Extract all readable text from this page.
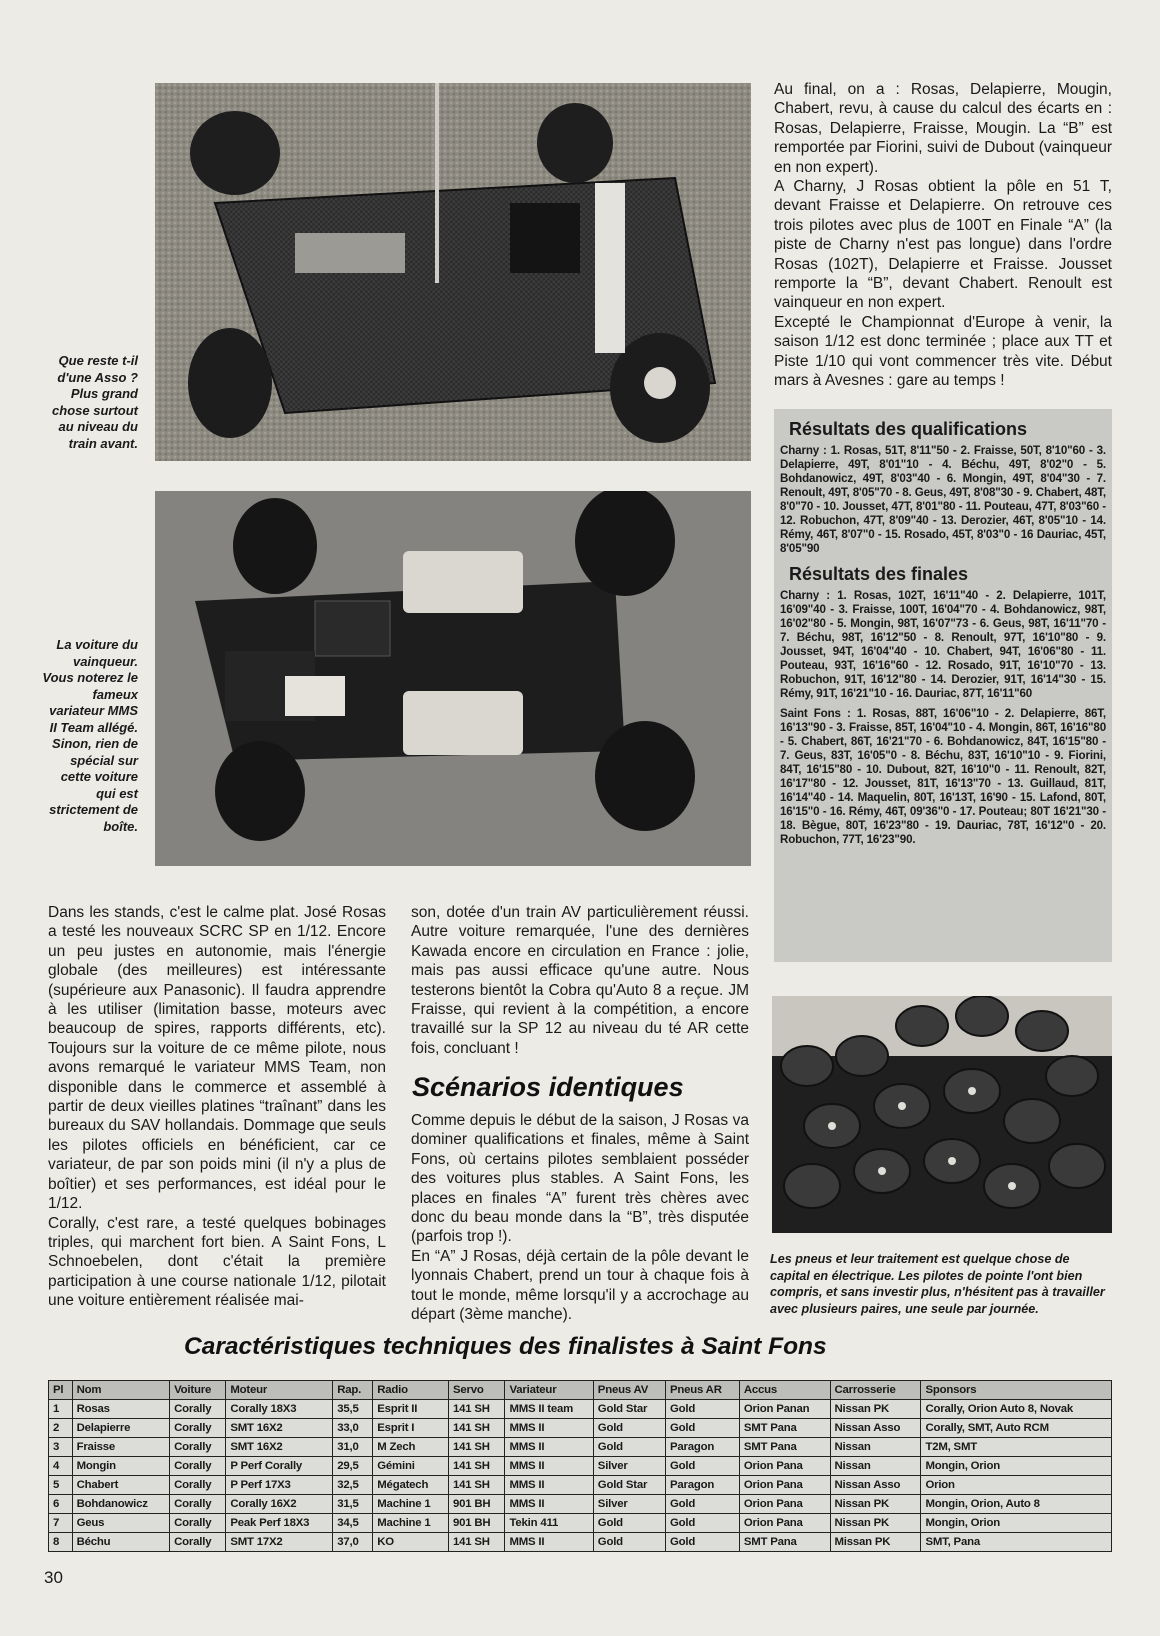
Que reste t-il d'une Asso ? Plus grand chose surtout au niveau du train avant.
La voiture du vainqueur. Vous noterez le fameux variateur MMS II Team allégé. Sinon, rien de spécial sur cette voiture qui est strictement de boîte.

Au final, on a : Rosas, Delapierre, Mougin, Chabert, revu, à cause du calcul des écarts en : Rosas, Delapierre, Fraisse, Mougin. La “B” est remportée par Fiorini, suivi de Dubout (vainqueur en non expert).

A Charny, J Rosas obtient la pôle en 51 T, devant Fraisse et Delapierre. On retrouve ces trois pilotes avec plus de 100T en Finale “A” (la piste de Charny n'est pas longue) dans l'ordre Rosas (102T), Delapierre et Fraisse. Jousset remporte la “B”, devant Chabert. Renoult est vainqueur en non expert.

Excepté le Championnat d'Europe à venir, la saison 1/12 est donc terminée ; place aux TT et Piste 1/10 qui vont commencer très vite. Début mars à Avesnes : gare au temps !

Résultats des qualifications

Charny : 1. Rosas, 51T, 8'11"50 - 2. Fraisse, 50T, 8'10"60 - 3. Delapierre, 49T, 8'01"10 - 4. Béchu, 49T, 8'02"0 - 5. Bohdanowicz, 49T, 8'03"40 - 6. Mongin, 49T, 8'04"30 - 7. Renoult, 49T, 8'05"70 - 8. Geus, 49T, 8'08"30 - 9. Chabert, 48T, 8'0"70 - 10. Jousset, 47T, 8'01"80 - 11. Pouteau, 47T, 8'03"60 - 12. Robuchon, 47T, 8'09"40 - 13. Derozier, 46T, 8'05"10 - 14. Rémy, 46T, 8'07"0 - 15. Rosado, 45T, 8'03"0 - 16 Dauriac, 45T, 8'05"90

Résultats des finales

Charny : 1. Rosas, 102T, 16'11"40 - 2. Delapierre, 101T, 16'09"40 - 3. Fraisse, 100T, 16'04"70 - 4. Bohdanowicz, 98T, 16'02"80 - 5. Mongin, 98T, 16'07"73 - 6. Geus, 98T, 16'11"70 - 7. Béchu, 98T, 16'12"50 - 8. Renoult, 97T, 16'10"80 - 9. Jousset, 94T, 16'04"40 - 10. Chabert, 94T, 16'06"80 - 11. Pouteau, 93T, 16'16"60 - 12. Rosado, 91T, 16'10"70 - 13. Robuchon, 91T, 16'12"80 - 14. Derozier, 91T, 16'14"30 - 15. Rémy, 91T, 16'21"10 - 16. Dauriac, 87T, 16'11"60

Saint Fons : 1. Rosas, 88T, 16'06"10 - 2. Delapierre, 86T, 16'13"90 - 3. Fraisse, 85T, 16'04"10 - 4. Mongin, 86T, 16'16"80 - 5. Chabert, 86T, 16'21"70 - 6. Bohdanowicz, 84T, 16'15"80 - 7. Geus, 83T, 16'05"0 - 8. Béchu, 83T, 16'10"10 - 9. Fiorini, 84T, 16'15"80 - 10. Dubout, 82T, 16'10"0 - 11. Renoult, 82T, 16'17"80 - 12. Jousset, 81T, 16'13"70 - 13. Guillaud, 81T, 16'14"40 - 14. Maquelin, 80T, 16'13T, 16'90 - 15. Lafond, 80T, 16'15"0 - 16. Rémy, 46T, 09'36"0 - 17. Pouteau; 80T 16'21"30 - 18. Bègue, 80T, 16'23"80 - 19. Dauriac, 78T, 16'12"0 - 20. Robuchon, 77T, 16'23"90.

Les pneus et leur traitement est quelque chose de capital en électrique. Les pilotes de pointe l'ont bien compris, et sans investir plus, n'hésitent pas à travailler avec plusieurs paires, une seule par journée.

Dans les stands, c'est le calme plat. José Rosas a testé les nouveaux SCRC SP en 1/12. Encore un peu justes en autonomie, mais l'énergie globale (des meilleures) est intéressante (supérieure aux Panasonic). Il faudra apprendre à les utiliser (limitation basse, moteurs avec beaucoup de spires, rapports différents, etc). Toujours sur la voiture de ce même pilote, nous avons remarqué le variateur MMS Team, non disponible dans le commerce et assemblé à partir de deux vieilles platines “traînant” dans les bureaux du SAV hollandais. Dommage que seuls les pilotes officiels en bénéficient, car ce variateur, de par son poids mini (il n'y a plus de boîtier) et ses performances, est idéal pour le 1/12.

Corally, c'est rare, a testé quelques bobinages triples, qui marchent fort bien. A Saint Fons, L Schnoebelen, dont c'était la première participation à une course nationale 1/12, pilotait une voiture entièrement réalisée mai-

son, dotée d'un train AV particulièrement réussi. Autre voiture remarquée, l'une des dernières Kawada encore en circulation en France : jolie, mais pas aussi efficace qu'une autre. Nous testerons bientôt la Cobra qu'Auto 8 a reçue. JM Fraisse, qui revient à la compétition, a encore travaillé sur la SP 12 au niveau du té AR cette fois, concluant !

Scénarios identiques

Comme depuis le début de la saison, J Rosas va dominer qualifications et finales, même à Saint Fons, où certains pilotes semblaient posséder des voitures plus stables. A Saint Fons, les places en finales “A” furent très chères avec donc du beau monde dans la “B”, très disputée (parfois trop !).

En “A” J Rosas, déjà certain de la pôle devant le lyonnais Chabert, prend un tour à chaque fois à tout le monde, même lorsqu'il y a accrochage au départ (3ème manche).

Caractéristiques techniques des finalistes à Saint Fons
Pl	Nom	Voiture	Moteur	Rap.	Radio	Servo	Variateur	Pneus AV	Pneus AR	Accus	Carrosserie	Sponsors
1	Rosas	Corally	Corally 18X3	35,5	Esprit II	141 SH	MMS II team	Gold Star	Gold	Orion Panan	Nissan PK	Corally, Orion Auto 8, Novak
2	Delapierre	Corally	SMT 16X2	33,0	Esprit I	141 SH	MMS II	Gold	Gold	SMT Pana	Nissan Asso	Corally, SMT, Auto RCM
3	Fraisse	Corally	SMT 16X2	31,0	M Zech	141 SH	MMS II	Gold	Paragon	SMT Pana	Nissan	T2M, SMT
4	Mongin	Corally	P Perf Corally	29,5	Gémini	141 SH	MMS II	Silver	Gold	Orion Pana	Nissan	Mongin, Orion
5	Chabert	Corally	P Perf 17X3	32,5	Mégatech	141 SH	MMS II	Gold Star	Paragon	Orion Pana	Nissan Asso	Orion
6	Bohdanowicz	Corally	Corally 16X2	31,5	Machine 1	901 BH	MMS II	Silver	Gold	Orion Pana	Nissan PK	Mongin, Orion, Auto 8
7	Geus	Corally	Peak Perf 18X3	34,5	Machine 1	901 BH	Tekin 411	Gold	Gold	Orion Pana	Nissan PK	Mongin, Orion
8	Béchu	Corally	SMT 17X2	37,0	KO	141 SH	MMS II	Gold	Gold	SMT Pana	Missan PK	SMT, Pana
30
